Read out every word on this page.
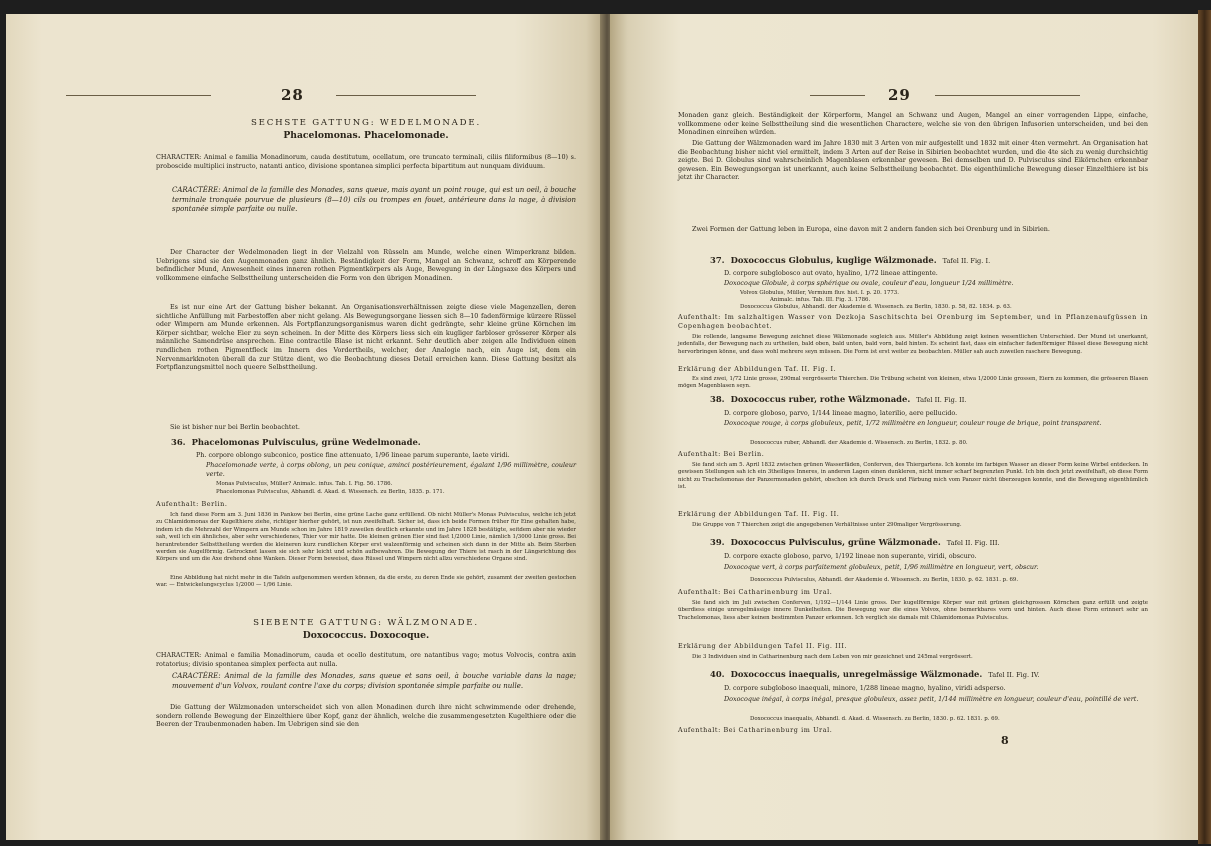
28
SECHSTE GATTUNG: WEDELMONADE.
Phacelomonas. Phacelomonade.
CHARACTER: Animal e familia Monadinorum, cauda destitutum, ocellatum, ore truncato terminali, ciliis filiformibus (8—10) s. proboscide multiplici instructo, natanti antico, divisione spontanea simplici perfecta bipartitum aut nunquam dividuum.
CARACTÈRE: Animal de la famille des Monades, sans queue, mais ayant un point rouge, qui est un oeil, à bouche terminale tronquée pourvue de plusieurs (8—10) cils ou trompes en fouet, antérieure dans la nage, à division spontanée simple parfaite ou nulle.
Der Character der Wedelmonaden liegt in der Vielzahl von Rüsseln am Munde, welche einen Wimperkranz bilden. Uebrigens sind sie den Augenmonaden ganz ähnlich. Beständigkeit der Form, Mangel an Schwanz, schroff am Körperende befindlicher Mund, Anwesenheit eines inneren rothen Pigmentkörpers als Auge, Bewegung in der Längsaxe des Körpers und vollkommene einfache Selbsttheilung unterscheiden die Form von den übrigen Monadinen.
Es ist nur eine Art der Gattung bisher bekannt. An Organisationsverhältnissen zeigte diese viele Magenzellen, deren sichtliche Anfüllung mit Farbestoffen aber nicht gelang. Als Bewegungsorgane liessen sich 8—10 fadenförmige kürzere Rüssel oder Wimpern am Munde erkennen. Als Fortpflanzungsorganismus waren dicht gedrängte, sehr kleine grüne Körnchen im Körper sichtbar, welche Eier zu seyn scheinen. In der Mitte des Körpers liess sich ein kugliger farbloser grösserer Körper als männliche Samendrüse ansprechen. Eine contractile Blase ist nicht erkannt. Sehr deutlich aber zeigen alle Individuen einen rundlichen rothen Pigmentfleck im Innern des Vordertheils, welcher, der Analogie nach, ein Auge ist, dem ein Nervenmarkknoten überall da zur Stütze dient, wo die Beobachtung dieses Detail erreichen kann. Diese Gattung besitzt als Fortpflanzungsmittel noch queere Selbsttheilung.
Sie ist bisher nur bei Berlin beobachtet.
36. Phacelomonas Pulvisculus, grüne Wedelmonade.
Ph. corpore oblongo subconico, postice fine attenuato, 1/96 lineae parum superante, laete viridi.
Phacelomonade verte, à corps oblong, un peu conique, aminci postérieurement, égalant 1/96 millimètre, couleur verte.
Monas Pulvisculus, Müller? Animalc. infus. Tab. I. Fig. 56. 1786.
Phacelomonas Pulvisculus, Abhandl. d. Akad. d. Wissensch. zu Berlin, 1835. p. 171.
Aufenthalt: Berlin.
Ich fand diese Form am 3. Juni 1836 in Pankow bei Berlin, eine grüne Lache ganz erfüllend. Ob nicht Müller's Monas Pulvisculus, welche ich jetzt zu Chlamidomonas der Kugelthiere ziehe, richtiger hierher gehört, ist nun zweifelhaft. Sicher ist, dass ich beide Formen früher für Eine gehalten habe, indem ich die Mehrzahl der Wimpern am Munde schon im Jahre 1819 zuweilen deutlich erkannte und im Jahre 1828 bestätigte, seitdem aber nie wieder sah, weil ich ein ähnliches, aber sehr verschiedenes, Thier vor mir hatte. Die kleinen grünen Eier sind fast 1/2000 Linie, nämlich 1/3000 Linie gross. Bei herantretender Selbsttheilung werden die kleineren kurz rundlichen Körper erst walzenförmig und scheinen sich dann in der Mitte ab. Beim Sterben werden sie Augelförmig. Getrocknet lassen sie sich sehr leicht und schön aufbewahren. Die Bewegung der Thiere ist rasch in der Längsrichtung des Körpers und um die Axe drehend ohne Wanken. Dieser Form beweisst, dass Rüssel und Wimpern nicht allzu verschiedene Organe sind.
Eine Abbildung hat nicht mehr in die Tafeln aufgenommen werden können, da die erste, zu deren Ende sie gehört, zusammt der zweiten gestochen war. — Entwickelungscyclus 1/2000 — 1/96 Linie.
SIEBENTE GATTUNG: WÄLZMONADE.
Doxococcus. Doxocoque.
CHARACTER: Animal e familia Monadinorum, cauda et ocello destitutum, ore natantibus vago; motus Volvocis, contra axin rotatorius; divisio spontanea simplex perfecta aut nulla.
CARACTÈRE: Animal de la famille des Monades, sans queue et sans oeil, à bouche variable dans la nage; mouvement d'un Volvox, roulant contre l'axe du corps; division spontanée simple parfaite ou nulle.
Die Gattung der Wälzmonaden unterscheidet sich von allen Monadinen durch ihre nicht schwimmende oder drehende, sondern rollende Bewegung der Einzelthiere über Kopf, ganz der ähnlich, welche die zusammengesetzten Kugelthiere oder die Beeren der Traubenmonaden haben. Im Uebrigen sind sie den
29
Monaden ganz gleich. Beständigkeit der Körperform, Mangel an Schwanz und Augen, Mangel an einer vorragenden Lippe, einfache, vollkommene oder keine Selbsttheilung sind die wesentlichen Charactere, welche sie von den übrigen Infusorien unterscheiden, und bei den Monadinen einreihen würden.
Die Gattung der Wälzmonaden ward im Jahre 1830 mit 3 Arten von mir aufgestellt und 1832 mit einer 4ten vermehrt. An Organisation hat die Beobachtung bisher nicht viel ermittelt, indem 3 Arten auf der Reise in Sibirien beobachtet wurden, und die 4te sich zu wenig durchsichtig zeigte. Bei D. Globulus sind wahrscheinlich Magenblasen erkennbar gewesen. Bei demselben und D. Pulvisculus sind Eikörnchen erkennbar gewesen. Ein Bewegungsorgan ist unerkannt, auch keine Selbsttheilung beobachtet. Die eigenthümliche Bewegung dieser Einzelthiere ist bis jetzt ihr Character.
Zwei Formen der Gattung leben in Europa, eine davon mit 2 andern fanden sich bei Orenburg und in Sibirien.
37. Doxococcus Globulus, kuglige Wälzmonade. Tafel II. Fig. I.
D. corpore subglobosco aut ovato, hyalino, 1/72 lineae attingente.
Doxocoque Globule, à corps sphérique ou ovale, couleur d'eau, longueur 1/24 millimètre.
Volvox Globulus, Müller, Vermium fluv. hist. I. p. 20. 1773.
Animalc. infus. Tab. III. Fig. 3. 1786.
Doxococcus Globulus, Abhandl. der Akademie d. Wissensch. zu Berlin, 1830. p. 58, 82. 1834. p. 63.
Aufenthalt: Im salzhaltigen Wasser von Dezkoja Saschitschta bei Orenburg im September, und in Pflanzenaufgüssen in Copenhagen beobachtet.
Die rollende, langsame Bewegung zeichnet diese Wälzmonade sogleich aus. Müller's Abbildung zeigt keinen wesentlichen Unterschied. Der Mund ist unerkannt, jedenfalls, der Bewegung nach zu urtheilen, bald oben, bald unten, bald vorn, bald hinten. Es scheint fast, dass ein einfacher fadenförmiger Rüssel diese Bewegung nicht hervorbringen könne, und dass wohl mehrere seyn müssen. Die Form ist erst weiter zu beobachten. Müller sah auch zuweilen raschere Bewegung.
Erklärung der Abbildungen Taf. II. Fig. I.
Es sind zwei, 1/72 Linie grosse, 290mal vergrösserte Thierchen. Die Trübung scheint von kleinen, etwa 1/2000 Linie grossen, Eiern zu kommen, die grösseren Blasen mögen Magenblasen seyn.
38. Doxococcus ruber, rothe Wälzmonade. Tafel II. Fig. II.
D. corpore globoso, parvo, 1/144 lineae magno, laterilio, aere pellucido.
Doxocoque rouge, à corps globuleux, petit, 1/72 millimètre en longueur, couleur rouge de brique, point transparent.
Doxococcus ruber, Abhandl. der Akademie d. Wissensch. zu Berlin, 1832. p. 80.
Aufenthalt: Bei Berlin.
Sie fand sich am 5. April 1832 zwischen grünen Wasserfäden, Conferven, des Thiergartens. Ich konnte im farbigen Wasser an dieser Form keine Wirbel entdecken. In gewissen Stellungen sah ich ein 3theiliges Inneres, in anderen Lagen einen dunkleren, nicht immer scharf begrenzten Punkt. Ich bin doch jetzt zweifelhaft, ob diese Form nicht zu Trachelomonas der Panzermonaden gehört, obschon ich durch Druck und Färbung mich vom Panzer nicht überzeugen konnte, und die Bewegung eigenthümlich ist.
Erklärung der Abbildungen Taf. II. Fig. II.
Die Gruppe von 7 Thierchen zeigt die angegebenen Verhältnisse unter 290maliger Vergrösserung.
39. Doxococcus Pulvisculus, grüne Wälzmonade. Tafel II. Fig. III.
D. corpore exacte globoso, parvo, 1/192 lineae non superante, viridi, obscuro.
Doxocoque vert, à corps parfaitement globuleux, petit, 1/96 millimètre en longueur, vert, obscur.
Doxococcus Pulvisculus, Abhandl. der Akademie d. Wissensch. zu Berlin, 1830. p. 62. 1831. p. 69.
Aufenthalt: Bei Catharinenburg im Ural.
Sie fand sich im Juli zwischen Conferven, 1/192—1/144 Linie gross. Der kugelförmige Körper war mit grünen gleichgrossen Körnchen ganz erfüllt und zeigte überdiess einige unregelmässige innere Dunkelheiten. Die Bewegung war die eines Volvox, ohne bemerkbares vorn und hinten. Auch diese Form erinnert sehr an Trachelomonas, liess aber keinen bestimmten Panzer erkennen. Ich verglich sie damals mit Chlamidomonas Pulvisculus.
Erklärung der Abbildungen Tafel II. Fig. III.
Die 3 Individuen sind in Catharinenburg nach dem Leben von mir gezeichnet und 245mal vergrössert.
40. Doxococcus inaequalis, unregelmässige Wälzmonade. Tafel II. Fig. IV.
D. corpore subgloboso inaequali, minore, 1/288 lineae magno, hyalino, viridi adsperso.
Doxocoque inégal, à corps inégal, presque globuleux, assez petit, 1/144 millimètre en longueur, couleur d'eau, pointillé de vert.
Doxococcus inaequalis, Abhandl. d. Akad. d. Wissensch. zu Berlin, 1830. p. 62. 1831. p. 69.
Aufenthalt: Bei Catharinenburg im Ural.
8
